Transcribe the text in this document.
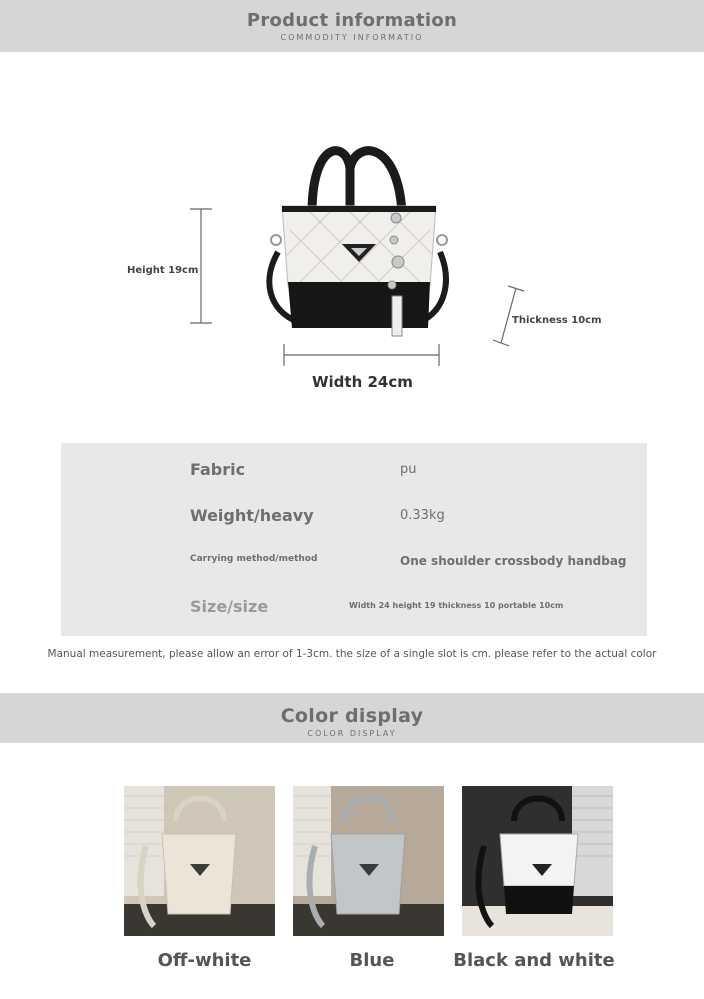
Product information
COMMODITY INFORMATIO
Height 19cm
Width 24cm
Thickness 10cm
Fabric	pu
Weight/heavy	0.33kg
Carrying method/method	One shoulder crossbody handbag
Size/size	Width 24 height 19 thickness 10 portable 10cm
Manual measurement, please allow an error of 1-3cm. the size of a single slot is cm. please refer to the actual color
Color display
COLOR DISPLAY
Off-white	Blue	Black and white
